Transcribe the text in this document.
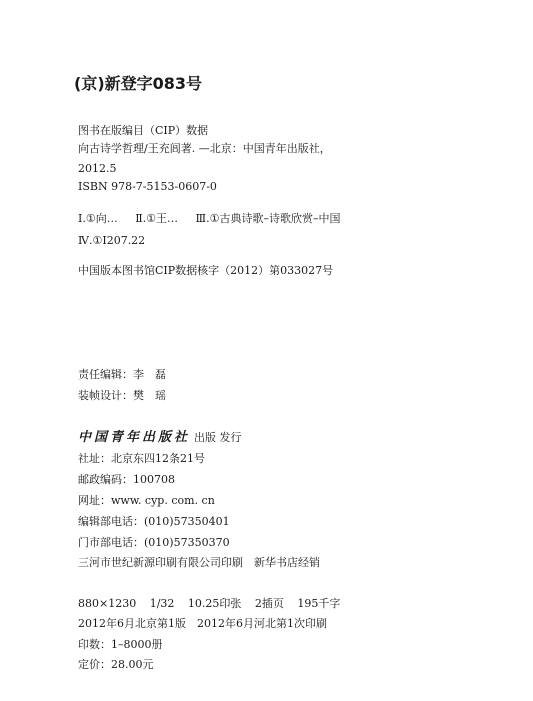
(京)新登字083号
图书在版编目（CIP）数据
向古诗学哲理/王充闾著. —北京：中国青年出版社，
2012.5
ISBN 978-7-5153-0607-0
Ⅰ.①向… Ⅱ.①王… Ⅲ.①古典诗歌–诗歌欣赏–中国
Ⅳ.①I207.22
中国版本图书馆CIP数据核字（2012）第033027号
责任编辑：李　磊
装帧设计：樊　瑶
中国青年出版社 出版 发行
社址：北京东四12条21号
邮政编码：100708
网址：www. cyp. com. cn
编辑部电话：(010)57350401
门市部电话：(010)57350370
三河市世纪新源印刷有限公司印刷　新华书店经销
880×1230 1/32 10.25印张 2插页 195千字
2012年6月北京第1版　2012年6月河北第1次印刷
印数：1–8000册
定价：28.00元
